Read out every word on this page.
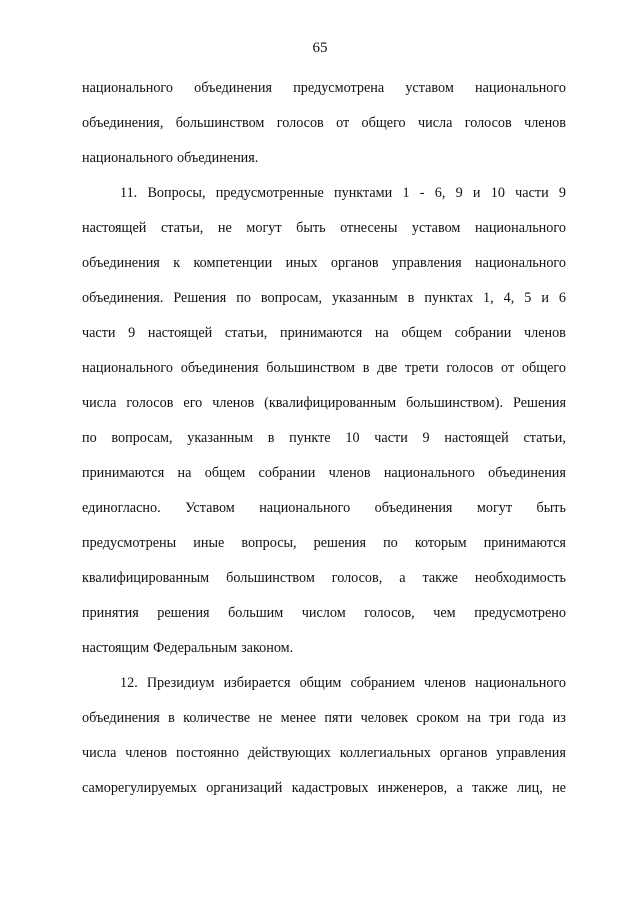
65
национального объединения предусмотрена уставом национального
объединения, большинством голосов от общего числа голосов членов
национального объединения.
11. Вопросы, предусмотренные пунктами 1 - 6, 9 и 10 части 9
настоящей статьи, не могут быть отнесены уставом национального
объединения к компетенции иных органов управления национального
объединения. Решения по вопросам, указанным в пунктах 1, 4, 5 и 6
части 9 настоящей статьи, принимаются на общем собрании членов
национального объединения большинством в две трети голосов от общего
числа голосов его членов (квалифицированным большинством). Решения
по вопросам, указанным в пункте 10 части 9 настоящей статьи,
принимаются на общем собрании членов национального объединения
единогласно. Уставом национального объединения могут быть
предусмотрены иные вопросы, решения по которым принимаются
квалифицированным большинством голосов, а также необходимость
принятия решения большим числом голосов, чем предусмотрено
настоящим Федеральным законом.
12. Президиум избирается общим собранием членов национального
объединения в количестве не менее пяти человек сроком на три года из
числа членов постоянно действующих коллегиальных органов управления
саморегулируемых организаций кадастровых инженеров, а также лиц, не
